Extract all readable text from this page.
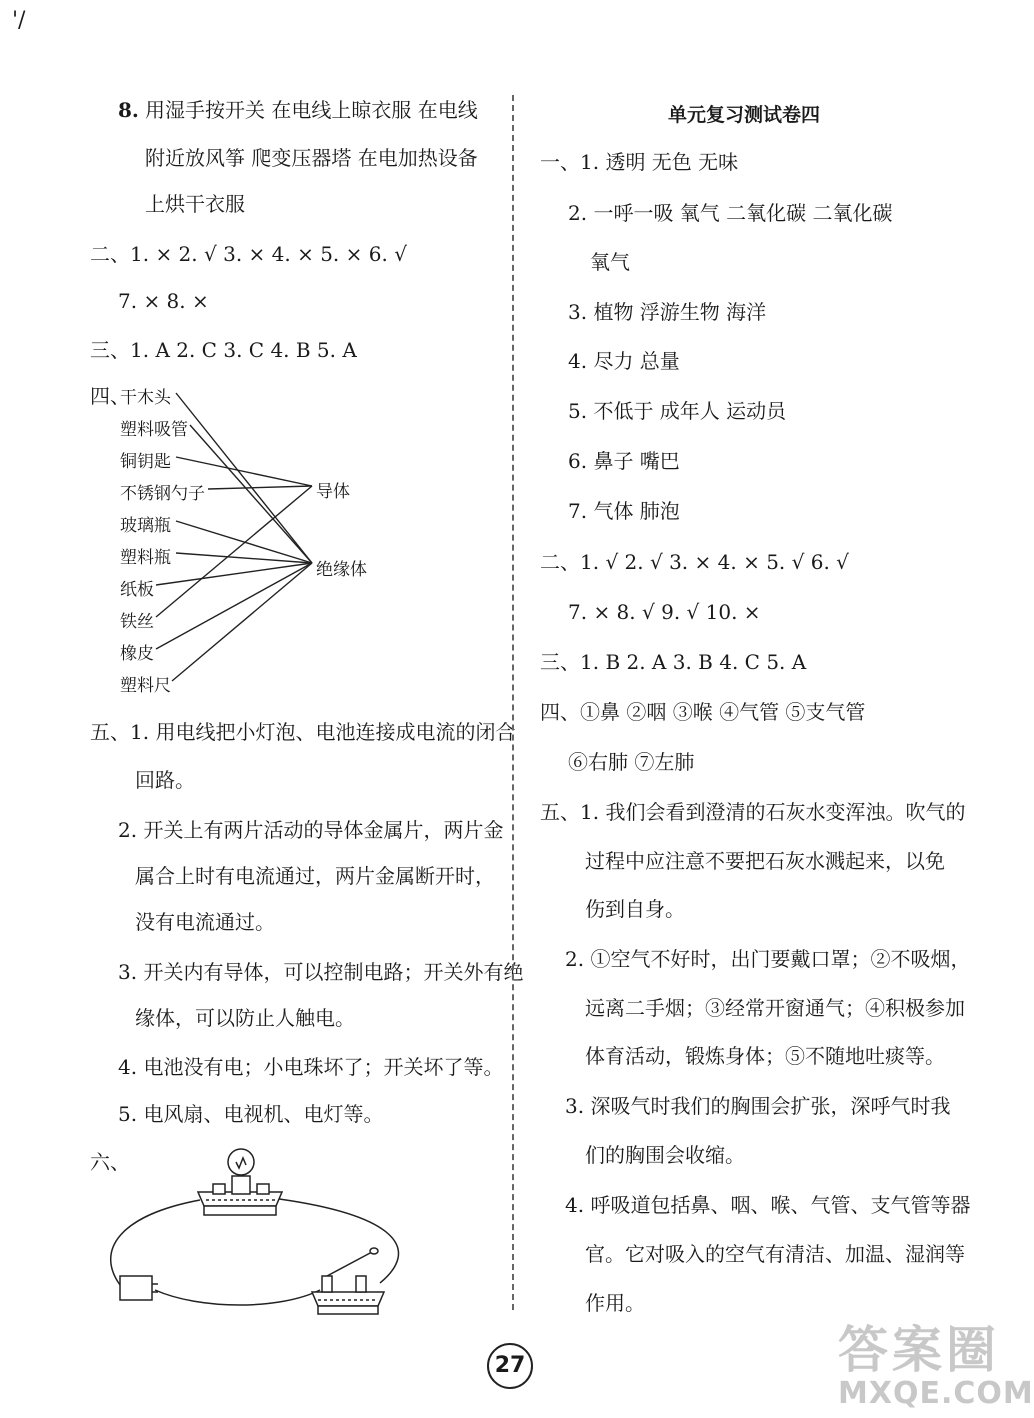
'/
8. 用湿手按开关 在电线上晾衣服 在电线
附近放风筝 爬变压器塔 在电加热设备
上烘干衣服
二、1. × 2. √ 3. × 4. × 5. × 6. √
7. × 8. ×
三、1. A 2. C 3. C 4. B 5. A
四、
干木头
塑料吸管
铜钥匙
不锈钢勺子
玻璃瓶
塑料瓶
纸板
铁丝
橡皮
塑料尺
导体
绝缘体
五、1. 用电线把小灯泡、电池连接成电流的闭合
回路。
2. 开关上有两片活动的导体金属片，两片金
属合上时有电流通过，两片金属断开时，
没有电流通过。
3. 开关内有导体，可以控制电路；开关外有绝
缘体，可以防止人触电。
4. 电池没有电；小电珠坏了；开关坏了等。
5. 电风扇、电视机、电灯等。
六、
单元复习测试卷四
一、1. 透明 无色 无味
2. 一呼一吸 氧气 二氧化碳 二氧化碳
氧气
3. 植物 浮游生物 海洋
4. 尽力 总量
5. 不低于 成年人 运动员
6. 鼻子 嘴巴
7. 气体 肺泡
二、1. √ 2. √ 3. × 4. × 5. √ 6. √
7. × 8. √ 9. √ 10. ×
三、1. B 2. A 3. B 4. C 5. A
四、①鼻 ②咽 ③喉 ④气管 ⑤支气管
⑥右肺 ⑦左肺
五、1. 我们会看到澄清的石灰水变浑浊。吹气的
过程中应注意不要把石灰水溅起来，以免
伤到自身。
2. ①空气不好时，出门要戴口罩；②不吸烟，
远离二手烟；③经常开窗通气；④积极参加
体育活动，锻炼身体；⑤不随地吐痰等。
3. 深吸气时我们的胸围会扩张，深呼气时我
们的胸围会收缩。
4. 呼吸道包括鼻、咽、喉、气管、支气管等器
官。它对吸入的空气有清洁、加温、湿润等
作用。
27	答案圈
MXQE.COM
